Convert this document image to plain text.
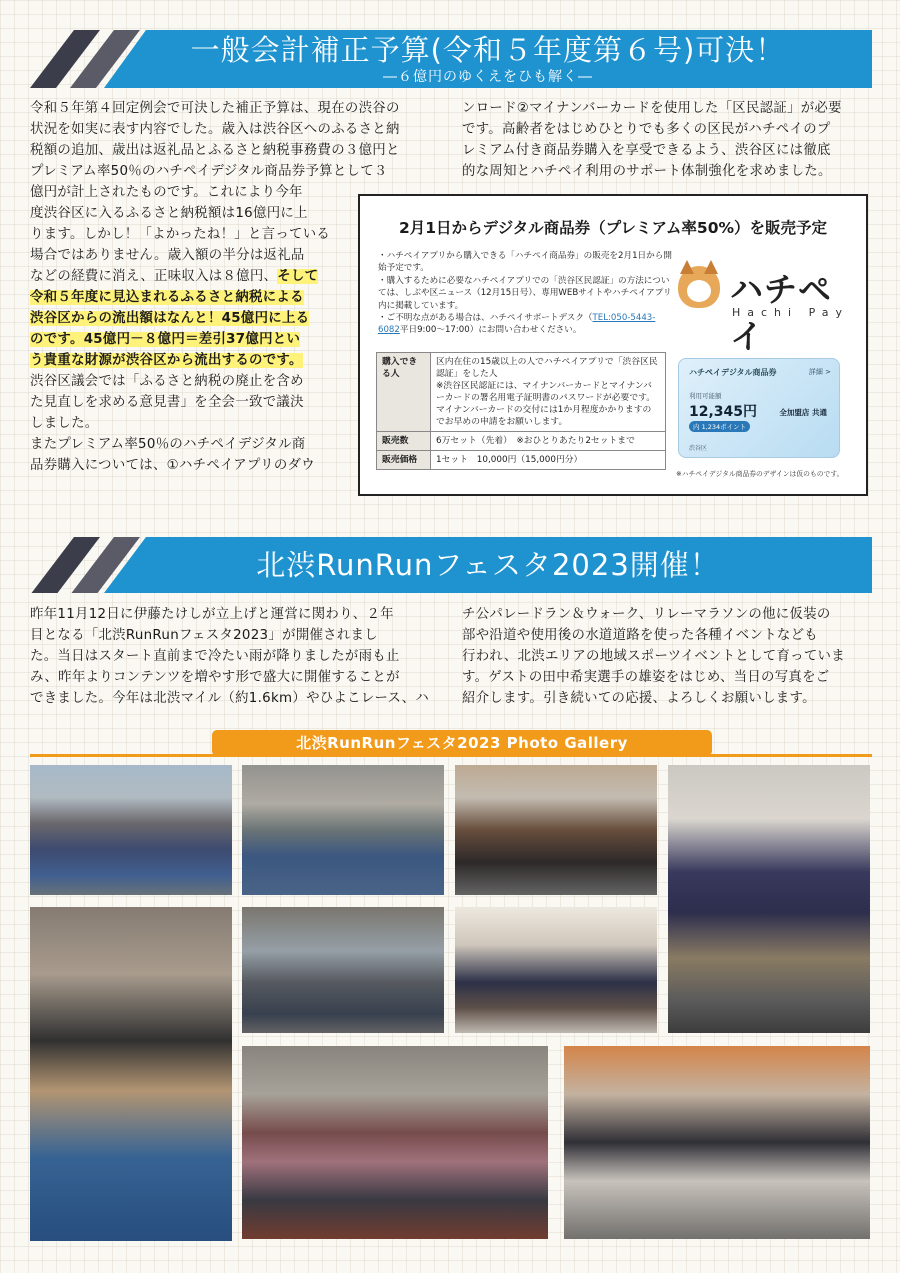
一般会計補正予算(令和５年度第６号)可決！
―６億円のゆくえをひも解く―
令和５年第４回定例会で可決した補正予算は、現在の渋谷の
状況を如実に表す内容でした。歳入は渋谷区へのふるさと納
税額の追加、歳出は返礼品とふるさと納税事務費の３億円と
プレミアム率50％のハチペイデジタル商品券予算として３
億円が計上されたものです。これにより今年
度渋谷区に入るふるさと納税額は16億円に上
ります。しかし！「よかったね！」と言っている
場合ではありません。歳入額の半分は返礼品
などの経費に消え、正味収入は８億円、そして
令和５年度に見込まれるふるさと納税による
渋谷区からの流出額はなんと！45億円に上る
のです。45億円－８億円＝差引37億円とい
う貴重な財源が渋谷区から流出するのです。
渋谷区議会では「ふるさと納税の廃止を含め
た見直しを求める意見書」を全会一致で議決
しました。
またプレミアム率50％のハチペイデジタル商
品券購入については、①ハチペイアプリのダウ
ンロード②マイナンバーカードを使用した「区民認証」が必要
です。高齢者をはじめひとりでも多くの区民がハチペイのプ
レミアム付き商品券購入を享受できるよう、渋谷区には徹底
的な周知とハチペイ利用のサポート体制強化を求めました。
2月1日からデジタル商品券（プレミアム率50%）を販売予定
・ハチペイアプリから購入できる「ハチペイ商品券」の販売を2月1日から開始予定です。
・購入するために必要なハチペイアプリでの「渋谷区民認証」の方法については、しぶや区ニュース（12月15日号）、専用WEBサイトやハチペイアプリ内に掲載しています。
・ご不明な点がある場合は、ハチペイサポートデスク（TEL:050-5443-6082平日9:00〜17:00）にお問い合わせください。
ハチペイ
Hachi Pay
購入できる人	区内在住の15歳以上の人でハチペイアプリで「渋谷区民認証」をした人
※渋谷区民認証には、マイナンバーカードとマイナンバーカードの署名用電子証明書のパスワードが必要です。マイナンバーカードの交付には1か月程度かかりますのでお早めの申請をお願いします。
販売数	6万セット（先着）　※おひとりあたり2セットまで
販売価格	1セット　10,000円（15,000円分）
ハチペイデジタル商品券	詳細 >
利用可能額
12,345円
内 1,234ポイント
全加盟店 共通
渋谷区
※ハチペイデジタル商品券のデザインは仮のものです。
北渋RunRunフェスタ2023開催！
昨年11月12日に伊藤たけしが立上げと運営に関わり、２年
目となる「北渋RunRunフェスタ2023」が開催されまし
た。当日はスタート直前まで冷たい雨が降りましたが雨も止
み、昨年よりコンテンツを増やす形で盛大に開催することが
できました。今年は北渋マイル（約1.6km）やひよこレース、ハ
チ公パレードラン＆ウォーク、リレーマラソンの他に仮装の
部や沿道や使用後の水道道路を使った各種イベントなども
行われ、北渋エリアの地域スポーツイベントとして育っていま
す。ゲストの田中希実選手の雄姿をはじめ、当日の写真をご
紹介します。引き続いての応援、よろしくお願いします。
北渋RunRunフェスタ2023 Photo Gallery
